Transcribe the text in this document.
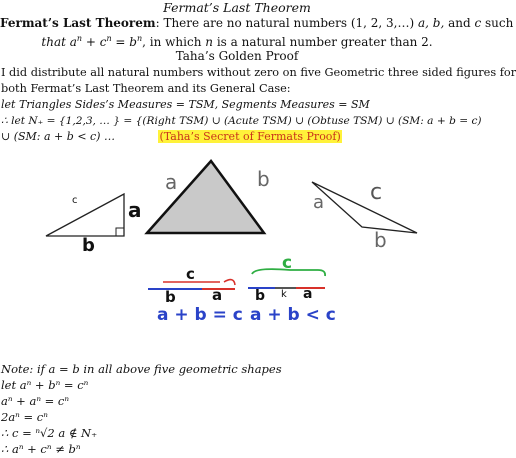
Fermat’s Last Theorem
Fermat’s Last Theorem: There are no natural numbers (1, 2, 3,…) a, b, and c such
that $a^n + c^n = b^n$, in which n is a natural number greater than 2.
Taha’s Golden Proof
I did distribute all natural numbers without zero on five Geometric three sided figures for
both Fermat’s Last Theorem and its General Case:
let Triangles Sides’s Measures = TSM, Segments Measures = SM
∴ let N₊ = {1,2,3, … } = {(Right TSM) ∪ (Acute TSM) ∪ (Obtuse TSM) ∪ (SM: a + b = c)
∪ (SM: a + b < c) …	(Taha’s Secret of Fermats Proof)
c	a
b
a	b
c
a
b
c
b a
a + b = c
c
b k a
a + b < c
Note: if a = b in all above five geometric shapes
let aⁿ + bⁿ = cⁿ
aⁿ + aⁿ = cⁿ
2aⁿ = cⁿ
∴ c = ⁿ√2 a ∉ N₊
∴ aⁿ + cⁿ ≠ bⁿ
